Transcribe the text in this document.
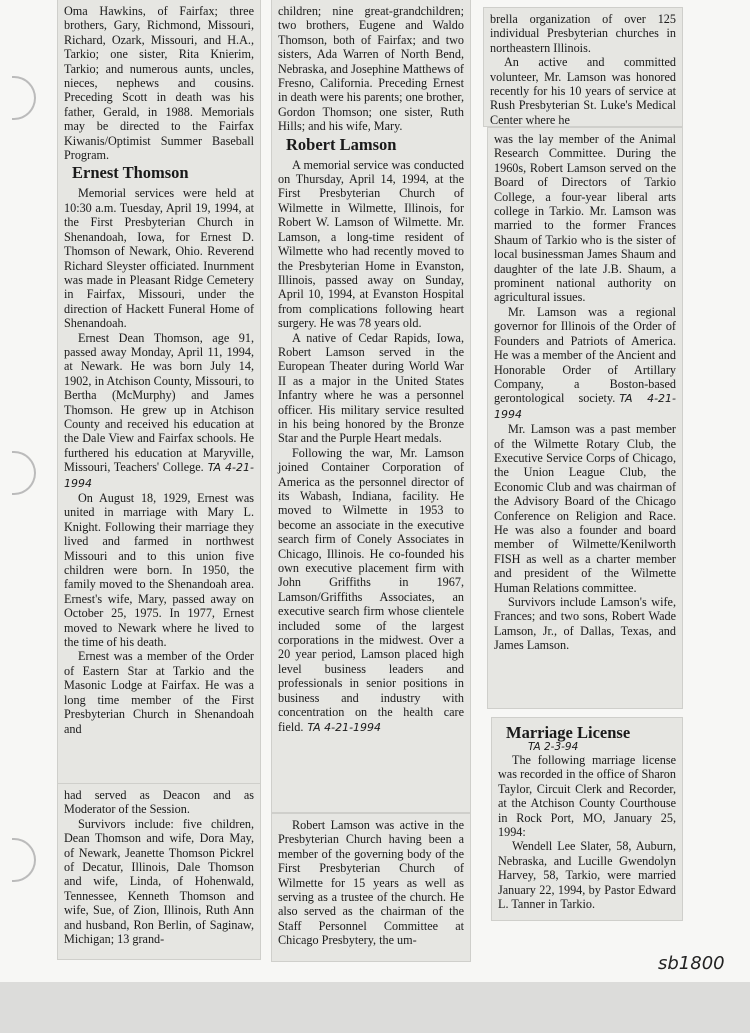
Oma Hawkins, of Fairfax; three brothers, Gary, Richmond, Missouri, Richard, Ozark, Missouri, and H.A., Tarkio; one sister, Rita Knierim, Tarkio; and numerous aunts, uncles, nieces, nephews and cousins. Preceding Scott in death was his father, Gerald, in 1988. Memorials may be directed to the Fairfax Kiwanis/Optimist Summer Baseball Program.

Ernest Thomson

Memorial services were held at 10:30 a.m. Tuesday, April 19, 1994, at the First Presbyterian Church in Shenandoah, Iowa, for Ernest D. Thomson of Newark, Ohio. Reverend Richard Sleyster officiated. Inurnment was made in Pleasant Ridge Cemetery in Fairfax, Missouri, under the direction of Hackett Funeral Home of Shenandoah.

Ernest Dean Thomson, age 91, passed away Monday, April 11, 1994, at Newark. He was born July 14, 1902, in Atchison County, Missouri, to Bertha (McMurphy) and James Thomson. He grew up in Atchison County and received his education at the Dale View and Fairfax schools. He furthered his education at Maryville, Missouri, Teachers' College. TA 4-21-1994

On August 18, 1929, Ernest was united in marriage with Mary L. Knight. Following their marriage they lived and farmed in northwest Missouri and to this union five children were born. In 1950, the family moved to the Shenandoah area. Ernest's wife, Mary, passed away on October 25, 1975. In 1977, Ernest moved to Newark where he lived to the time of his death.

Ernest was a member of the Order of Eastern Star at Tarkio and the Masonic Lodge at Fairfax. He was a long time member of the First Presbyterian Church in Shenandoah and

had served as Deacon and as Moderator of the Session.

Survivors include: five children, Dean Thomson and wife, Dora May, of Newark, Jeanette Thomson Pickrel of Decatur, Illinois, Dale Thomson and wife, Linda, of Hohenwald, Tennessee, Kenneth Thomson and wife, Sue, of Zion, Illinois, Ruth Ann and husband, Ron Berlin, of Saginaw, Michigan; 13 grand-

children; nine great-grandchildren; two brothers, Eugene and Waldo Thomson, both of Fairfax; and two sisters, Ada Warren of North Bend, Nebraska, and Josephine Matthews of Fresno, California. Preceding Ernest in death were his parents; one brother, Gordon Thomson; one sister, Ruth Hills; and his wife, Mary.

Robert Lamson

A memorial service was conducted on Thursday, April 14, 1994, at the First Presbyterian Church of Wilmette in Wilmette, Illinois, for Robert W. Lamson of Wilmette. Mr. Lamson, a long-time resident of Wilmette who had recently moved to the Presbyterian Home in Evanston, Illinois, passed away on Sunday, April 10, 1994, at Evanston Hospital from complications following heart surgery. He was 78 years old.

A native of Cedar Rapids, Iowa, Robert Lamson served in the European Theater during World War II as a major in the United States Infantry where he was a personnel officer. His military service resulted in his being honored by the Bronze Star and the Purple Heart medals.

Following the war, Mr. Lamson joined Container Corporation of America as the personnel director of its Wabash, Indiana, facility. He moved to Wilmette in 1953 to become an associate in the executive search firm of Conely Associates in Chicago, Illinois. He co-founded his own executive placement firm with John Griffiths in 1967, Lamson/Griffiths Associates, an executive search firm whose clientele included some of the largest corporations in the midwest. Over a 20 year period, Lamson placed high level business leaders and professionals in senior positions in business and industry with concentration on the health care field. TA 4-21-1994

Robert Lamson was active in the Presbyterian Church having been a member of the governing body of the First Presbyterian Church of Wilmette for 15 years as well as serving as a trustee of the church. He also served as the chairman of the Staff Personnel Committee at Chicago Presbytery, the um-

brella organization of over 125 individual Presbyterian churches in northeastern Illinois.

An active and committed volunteer, Mr. Lamson was honored recently for his 10 years of service at Rush Presbyterian St. Luke's Medical Center where he

was the lay member of the Animal Research Committee. During the 1960s, Robert Lamson served on the Board of Directors of Tarkio College, a four-year liberal arts college in Tarkio. Mr. Lamson was married to the former Frances Shaum of Tarkio who is the sister of local businessman James Shaum and daughter of the late J.B. Shaum, a prominent national authority on agricultural issues.

Mr. Lamson was a regional governor for Illinois of the Order of Founders and Patriots of America. He was a member of the Ancient and Honorable Order of Artillary Company, a Boston-based gerontological society. TA 4-21-1994

Mr. Lamson was a past member of the Wilmette Rotary Club, the Executive Service Corps of Chicago, the Union League Club, the Economic Club and was chairman of the Advisory Board of the Chicago Conference on Religion and Race. He was also a founder and board member of Wilmette/Kenilworth FISH as well as a charter member and president of the Wilmette Human Relations committee.

Survivors include Lamson's wife, Frances; and two sons, Robert Wade Lamson, Jr., of Dallas, Texas, and James Lamson.

Marriage License
TA 2-3-94

The following marriage license was recorded in the office of Sharon Taylor, Circuit Clerk and Recorder, at the Atchison County Courthouse in Rock Port, MO, January 25, 1994:

Wendell Lee Slater, 58, Auburn, Nebraska, and Lucille Gwendolyn Harvey, 58, Tarkio, were married January 22, 1994, by Pastor Edward L. Tanner in Tarkio.

sb1800
